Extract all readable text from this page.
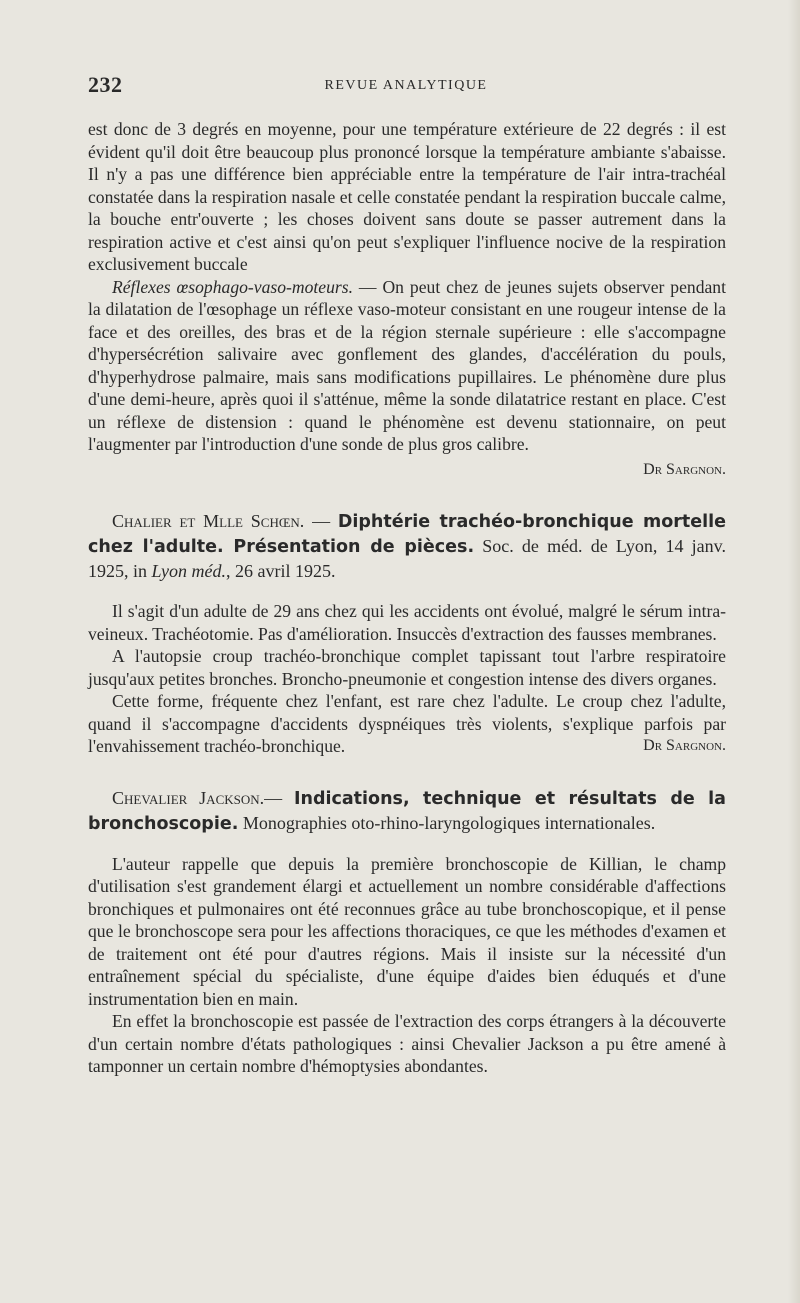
232	REVUE ANALYTIQUE

est donc de 3 degrés en moyenne, pour une température extérieure de 22 degrés : il est évident qu'il doit être beaucoup plus prononcé lorsque la température ambiante s'abaisse. Il n'y a pas une différence bien appréciable entre la température de l'air intra-trachéal constatée dans la respiration nasale et celle constatée pendant la respiration buccale calme, la bouche entr'ouverte ; les choses doivent sans doute se passer autrement dans la respiration active et c'est ainsi qu'on peut s'expliquer l'influence nocive de la respiration exclusivement buccale

Réflexes œsophago-vaso-moteurs. — On peut chez de jeunes sujets observer pendant la dilatation de l'œsophage un réflexe vaso-moteur consistant en une rougeur intense de la face et des oreilles, des bras et de la région sternale supérieure : elle s'accompagne d'hypersécrétion salivaire avec gonflement des glandes, d'accélération du pouls, d'hyperhydrose palmaire, mais sans modifications pupillaires. Le phénomène dure plus d'une demi-heure, après quoi il s'atténue, même la sonde dilatatrice restant en place. C'est un réflexe de distension : quand le phénomène est devenu stationnaire, on peut l'augmenter par l'introduction d'une sonde de plus gros calibre.

Dr Sargnon.

Chalier et Mlle Schœn. — Diphtérie trachéo-bronchique mortelle chez l'adulte. Présentation de pièces. Soc. de méd. de Lyon, 14 janv. 1925, in Lyon méd., 26 avril 1925.

Il s'agit d'un adulte de 29 ans chez qui les accidents ont évolué, malgré le sérum intra-veineux. Trachéotomie. Pas d'amélioration. Insuccès d'extraction des fausses membranes.

A l'autopsie croup trachéo-bronchique complet tapissant tout l'arbre respiratoire jusqu'aux petites bronches. Broncho-pneumonie et congestion intense des divers organes.

Cette forme, fréquente chez l'enfant, est rare chez l'adulte. Le croup chez l'adulte, quand il s'accompagne d'accidents dyspnéiques très violents, s'explique parfois par l'envahissement trachéo-bronchique.	Dr Sargnon.

Chevalier Jackson.— Indications, technique et résultats de la bronchoscopie. Monographies oto-rhino-laryngologiques internationales.

L'auteur rappelle que depuis la première bronchoscopie de Killian, le champ d'utilisation s'est grandement élargi et actuellement un nombre considérable d'affections bronchiques et pulmonaires ont été reconnues grâce au tube bronchoscopique, et il pense que le bronchoscope sera pour les affections thoraciques, ce que les méthodes d'examen et de traitement ont été pour d'autres régions. Mais il insiste sur la nécessité d'un entraînement spécial du spécialiste, d'une équipe d'aides bien éduqués et d'une instrumentation bien en main.

En effet la bronchoscopie est passée de l'extraction des corps étrangers à la découverte d'un certain nombre d'états pathologiques : ainsi Chevalier Jackson a pu être amené à tamponner un certain nombre d'hémoptysies abondantes.
